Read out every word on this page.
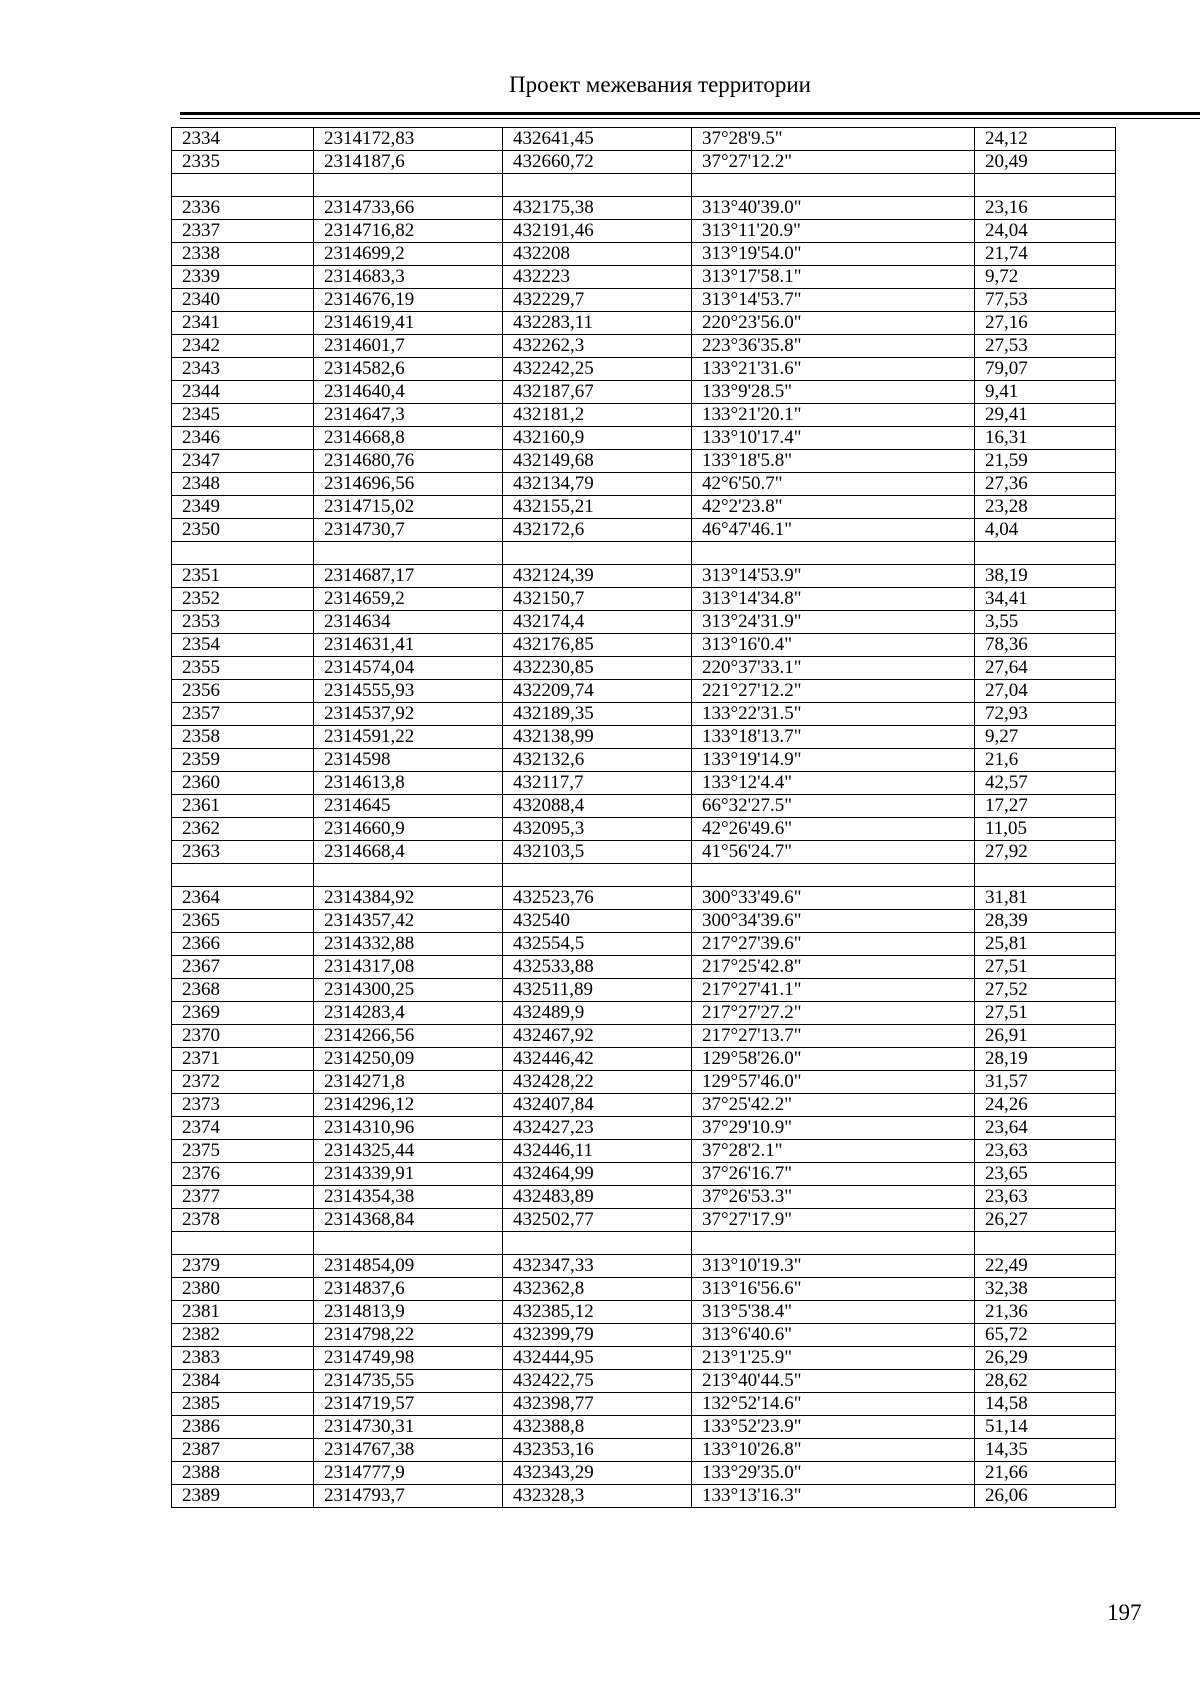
Проект межевания территории
2334	2314172,83	432641,45	37°28'9.5"	24,12
2335	2314187,6	432660,72	37°27'12.2"	20,49

2336	2314733,66	432175,38	313°40'39.0"	23,16
2337	2314716,82	432191,46	313°11'20.9"	24,04
2338	2314699,2	432208	313°19'54.0"	21,74
2339	2314683,3	432223	313°17'58.1"	9,72
2340	2314676,19	432229,7	313°14'53.7"	77,53
2341	2314619,41	432283,11	220°23'56.0"	27,16
2342	2314601,7	432262,3	223°36'35.8"	27,53
2343	2314582,6	432242,25	133°21'31.6"	79,07
2344	2314640,4	432187,67	133°9'28.5"	9,41
2345	2314647,3	432181,2	133°21'20.1"	29,41
2346	2314668,8	432160,9	133°10'17.4"	16,31
2347	2314680,76	432149,68	133°18'5.8"	21,59
2348	2314696,56	432134,79	42°6'50.7"	27,36
2349	2314715,02	432155,21	42°2'23.8"	23,28
2350	2314730,7	432172,6	46°47'46.1"	4,04

2351	2314687,17	432124,39	313°14'53.9"	38,19
2352	2314659,2	432150,7	313°14'34.8"	34,41
2353	2314634	432174,4	313°24'31.9"	3,55
2354	2314631,41	432176,85	313°16'0.4"	78,36
2355	2314574,04	432230,85	220°37'33.1"	27,64
2356	2314555,93	432209,74	221°27'12.2"	27,04
2357	2314537,92	432189,35	133°22'31.5"	72,93
2358	2314591,22	432138,99	133°18'13.7"	9,27
2359	2314598	432132,6	133°19'14.9"	21,6
2360	2314613,8	432117,7	133°12'4.4"	42,57
2361	2314645	432088,4	66°32'27.5"	17,27
2362	2314660,9	432095,3	42°26'49.6"	11,05
2363	2314668,4	432103,5	41°56'24.7"	27,92

2364	2314384,92	432523,76	300°33'49.6"	31,81
2365	2314357,42	432540	300°34'39.6"	28,39
2366	2314332,88	432554,5	217°27'39.6"	25,81
2367	2314317,08	432533,88	217°25'42.8"	27,51
2368	2314300,25	432511,89	217°27'41.1"	27,52
2369	2314283,4	432489,9	217°27'27.2"	27,51
2370	2314266,56	432467,92	217°27'13.7"	26,91
2371	2314250,09	432446,42	129°58'26.0"	28,19
2372	2314271,8	432428,22	129°57'46.0"	31,57
2373	2314296,12	432407,84	37°25'42.2"	24,26
2374	2314310,96	432427,23	37°29'10.9"	23,64
2375	2314325,44	432446,11	37°28'2.1"	23,63
2376	2314339,91	432464,99	37°26'16.7"	23,65
2377	2314354,38	432483,89	37°26'53.3"	23,63
2378	2314368,84	432502,77	37°27'17.9"	26,27

2379	2314854,09	432347,33	313°10'19.3"	22,49
2380	2314837,6	432362,8	313°16'56.6"	32,38
2381	2314813,9	432385,12	313°5'38.4"	21,36
2382	2314798,22	432399,79	313°6'40.6"	65,72
2383	2314749,98	432444,95	213°1'25.9"	26,29
2384	2314735,55	432422,75	213°40'44.5"	28,62
2385	2314719,57	432398,77	132°52'14.6"	14,58
2386	2314730,31	432388,8	133°52'23.9"	51,14
2387	2314767,38	432353,16	133°10'26.8"	14,35
2388	2314777,9	432343,29	133°29'35.0"	21,66
2389	2314793,7	432328,3	133°13'16.3"	26,06
197
